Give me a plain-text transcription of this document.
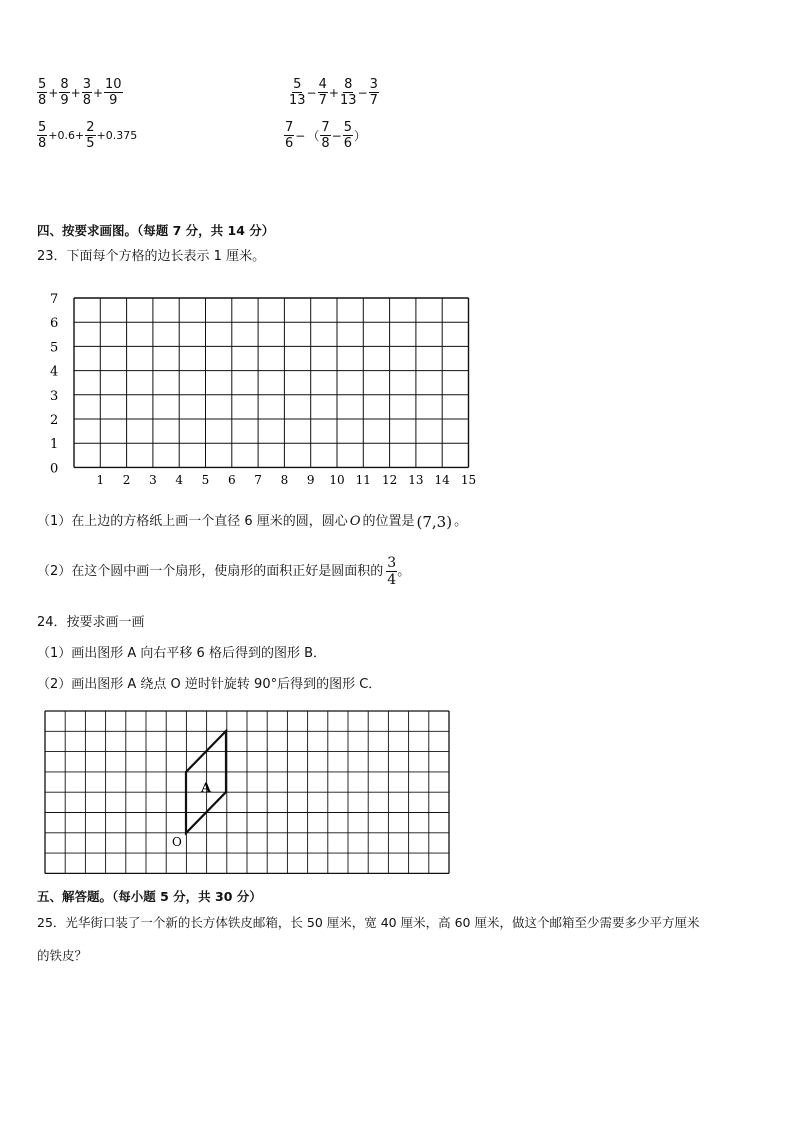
$\frac{5}{8} + \frac{8}{9} + \frac{3}{8} + \frac{10}{9}$	$\frac{5}{13} - \frac{4}{7} + \frac{8}{13} - \frac{3}{7}$
$\frac{5}{8} +0.6+ \frac{2}{5} +0.375$	$\frac{7}{6}$ − （ $\frac{7}{8} - \frac{5}{6}$ ）
四、按要求画图。（每题 7 分，共 14 分）
23．下面每个方格的边长表示 1 厘米。
7
6
5
4
3
2
1
0
1 2 3 4 5 6 7 8 9 10 11 12 13 14 15
（1）在上边的方格纸上画一个直径 6 厘米的圆，圆心 O 的位置是 (7,3) 。
（2）在这个圆中画一个扇形，使扇形的面积正好是圆面积的 $\frac{3}{4}$ 。
24．按要求画一画
（1）画出图形 A 向右平移 6 格后得到的图形 B．
（2）画出图形 A 绕点 O 逆时针旋转 90°后得到的图形 C．
A
O
五、解答题。（每小题 5 分，共 30 分）
25．光华街口装了一个新的长方体铁皮邮箱，长 50 厘米，宽 40 厘米，高 60 厘米，做这个邮箱至少需要多少平方厘米
的铁皮？
